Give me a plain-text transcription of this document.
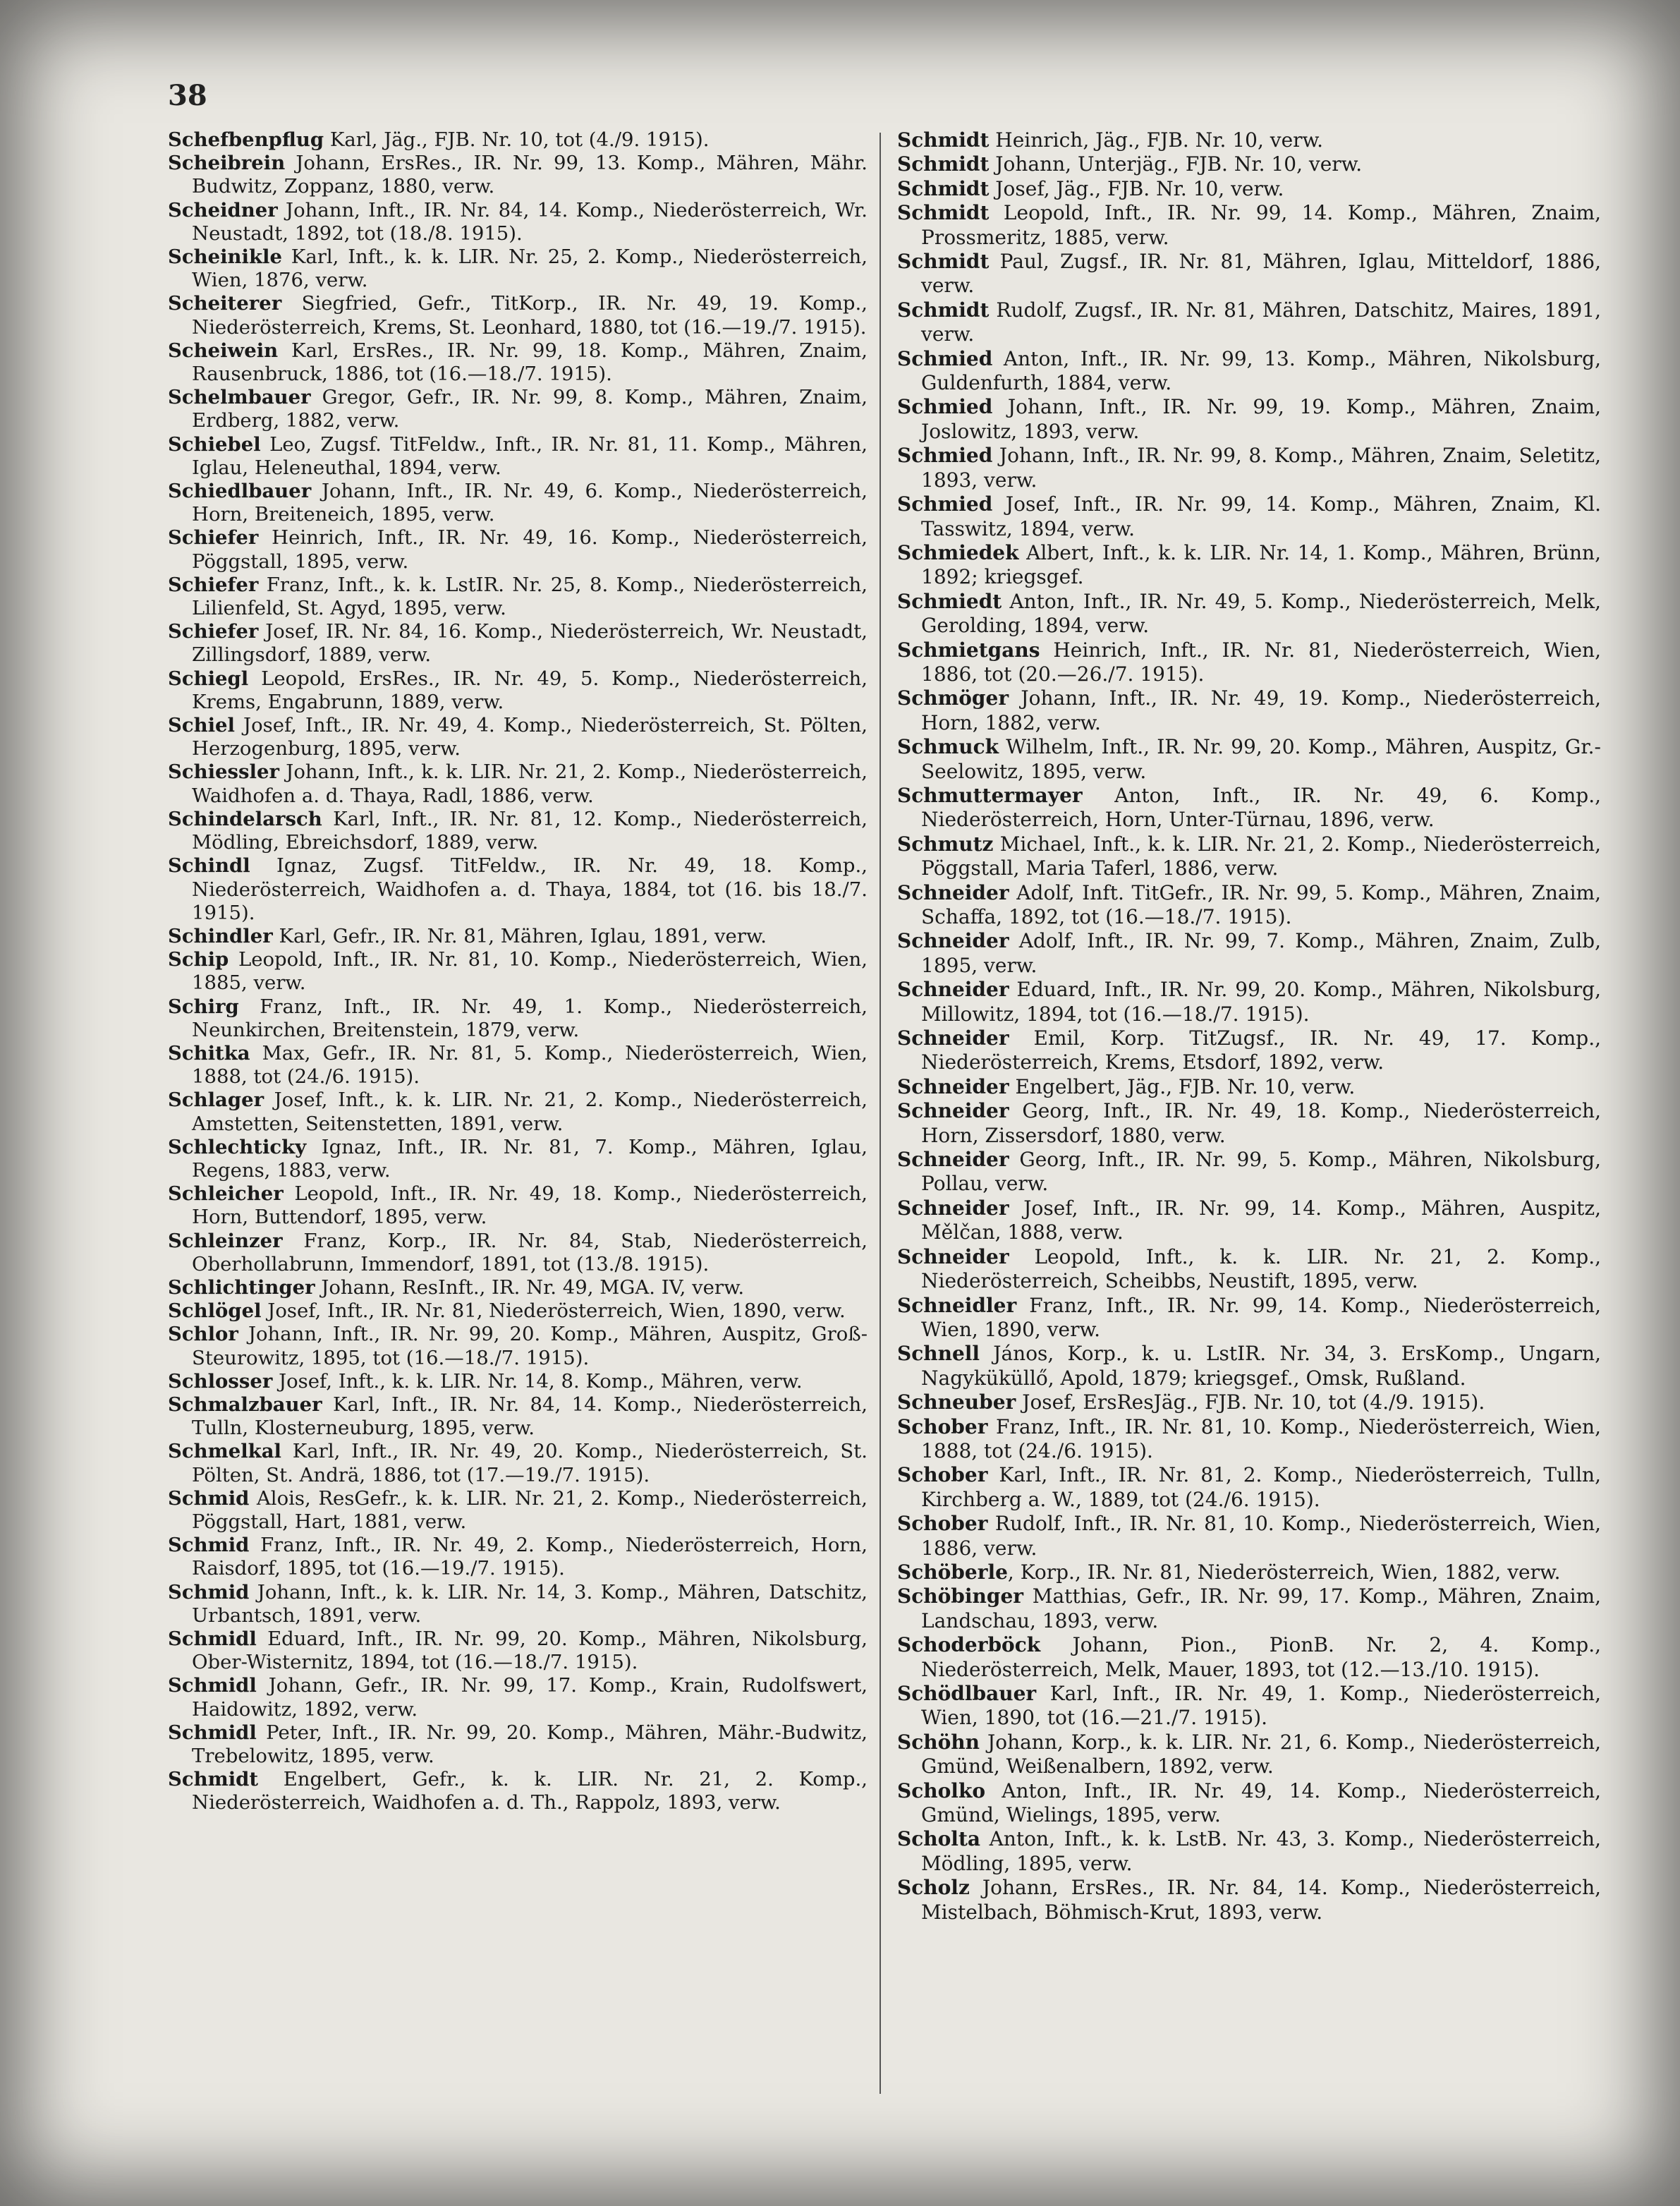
38

Schefbenpflug Karl, Jäg., FJB. Nr. 10, tot (4./9. 1915).

Scheibrein Johann, ErsRes., IR. Nr. 99, 13. Komp., Mähren, Mähr. Budwitz, Zoppanz, 1880, verw.

Scheidner Johann, Inft., IR. Nr. 84, 14. Komp., Niederösterreich, Wr. Neustadt, 1892, tot (18./8. 1915).

Scheinikle Karl, Inft., k. k. LIR. Nr. 25, 2. Komp., Niederösterreich, Wien, 1876, verw.

Scheiterer Siegfried, Gefr., TitKorp., IR. Nr. 49, 19. Komp., Niederösterreich, Krems, St. Leonhard, 1880, tot (16.—19./7. 1915).

Scheiwein Karl, ErsRes., IR. Nr. 99, 18. Komp., Mähren, Znaim, Rausenbruck, 1886, tot (16.—18./7. 1915).

Schelmbauer Gregor, Gefr., IR. Nr. 99, 8. Komp., Mähren, Znaim, Erdberg, 1882, verw.

Schiebel Leo, Zugsf. TitFeldw., Inft., IR. Nr. 81, 11. Komp., Mähren, Iglau, Heleneuthal, 1894, verw.

Schiedlbauer Johann, Inft., IR. Nr. 49, 6. Komp., Niederösterreich, Horn, Breiteneich, 1895, verw.

Schiefer Heinrich, Inft., IR. Nr. 49, 16. Komp., Niederösterreich, Pöggstall, 1895, verw.

Schiefer Franz, Inft., k. k. LstIR. Nr. 25, 8. Komp., Niederösterreich, Lilienfeld, St. Agyd, 1895, verw.

Schiefer Josef, IR. Nr. 84, 16. Komp., Niederösterreich, Wr. Neustadt, Zillingsdorf, 1889, verw.

Schiegl Leopold, ErsRes., IR. Nr. 49, 5. Komp., Niederösterreich, Krems, Engabrunn, 1889, verw.

Schiel Josef, Inft., IR. Nr. 49, 4. Komp., Niederösterreich, St. Pölten, Herzogenburg, 1895, verw.

Schiessler Johann, Inft., k. k. LIR. Nr. 21, 2. Komp., Niederösterreich, Waidhofen a. d. Thaya, Radl, 1886, verw.

Schindelarsch Karl, Inft., IR. Nr. 81, 12. Komp., Niederösterreich, Mödling, Ebreichsdorf, 1889, verw.

Schindl Ignaz, Zugsf. TitFeldw., IR. Nr. 49, 18. Komp., Niederösterreich, Waidhofen a. d. Thaya, 1884, tot (16. bis 18./7. 1915).

Schindler Karl, Gefr., IR. Nr. 81, Mähren, Iglau, 1891, verw.

Schip Leopold, Inft., IR. Nr. 81, 10. Komp., Niederösterreich, Wien, 1885, verw.

Schirg Franz, Inft., IR. Nr. 49, 1. Komp., Niederösterreich, Neunkirchen, Breitenstein, 1879, verw.

Schitka Max, Gefr., IR. Nr. 81, 5. Komp., Niederösterreich, Wien, 1888, tot (24./6. 1915).

Schlager Josef, Inft., k. k. LIR. Nr. 21, 2. Komp., Niederösterreich, Amstetten, Seitenstetten, 1891, verw.

Schlechticky Ignaz, Inft., IR. Nr. 81, 7. Komp., Mähren, Iglau, Regens, 1883, verw.

Schleicher Leopold, Inft., IR. Nr. 49, 18. Komp., Niederösterreich, Horn, Buttendorf, 1895, verw.

Schleinzer Franz, Korp., IR. Nr. 84, Stab, Niederösterreich, Oberhollabrunn, Immendorf, 1891, tot (13./8. 1915).

Schlichtinger Johann, ResInft., IR. Nr. 49, MGA. IV, verw.

Schlögel Josef, Inft., IR. Nr. 81, Niederösterreich, Wien, 1890, verw.

Schlor Johann, Inft., IR. Nr. 99, 20. Komp., Mähren, Auspitz, Groß-Steurowitz, 1895, tot (16.—18./7. 1915).

Schlosser Josef, Inft., k. k. LIR. Nr. 14, 8. Komp., Mähren, verw.

Schmalzbauer Karl, Inft., IR. Nr. 84, 14. Komp., Niederösterreich, Tulln, Klosterneuburg, 1895, verw.

Schmelkal Karl, Inft., IR. Nr. 49, 20. Komp., Niederösterreich, St. Pölten, St. Andrä, 1886, tot (17.—19./7. 1915).

Schmid Alois, ResGefr., k. k. LIR. Nr. 21, 2. Komp., Niederösterreich, Pöggstall, Hart, 1881, verw.

Schmid Franz, Inft., IR. Nr. 49, 2. Komp., Niederösterreich, Horn, Raisdorf, 1895, tot (16.—19./7. 1915).

Schmid Johann, Inft., k. k. LIR. Nr. 14, 3. Komp., Mähren, Datschitz, Urbantsch, 1891, verw.

Schmidl Eduard, Inft., IR. Nr. 99, 20. Komp., Mähren, Nikolsburg, Ober-Wisternitz, 1894, tot (16.—18./7. 1915).

Schmidl Johann, Gefr., IR. Nr. 99, 17. Komp., Krain, Rudolfswert, Haidowitz, 1892, verw.

Schmidl Peter, Inft., IR. Nr. 99, 20. Komp., Mähren, Mähr.-Budwitz, Trebelowitz, 1895, verw.

Schmidt Engelbert, Gefr., k. k. LIR. Nr. 21, 2. Komp., Niederösterreich, Waidhofen a. d. Th., Rappolz, 1893, verw.

Schmidt Heinrich, Jäg., FJB. Nr. 10, verw.

Schmidt Johann, Unterjäg., FJB. Nr. 10, verw.

Schmidt Josef, Jäg., FJB. Nr. 10, verw.

Schmidt Leopold, Inft., IR. Nr. 99, 14. Komp., Mähren, Znaim, Prossmeritz, 1885, verw.

Schmidt Paul, Zugsf., IR. Nr. 81, Mähren, Iglau, Mitteldorf, 1886, verw.

Schmidt Rudolf, Zugsf., IR. Nr. 81, Mähren, Datschitz, Maires, 1891, verw.

Schmied Anton, Inft., IR. Nr. 99, 13. Komp., Mähren, Nikolsburg, Guldenfurth, 1884, verw.

Schmied Johann, Inft., IR. Nr. 99, 19. Komp., Mähren, Znaim, Joslowitz, 1893, verw.

Schmied Johann, Inft., IR. Nr. 99, 8. Komp., Mähren, Znaim, Seletitz, 1893, verw.

Schmied Josef, Inft., IR. Nr. 99, 14. Komp., Mähren, Znaim, Kl. Tasswitz, 1894, verw.

Schmiedek Albert, Inft., k. k. LIR. Nr. 14, 1. Komp., Mähren, Brünn, 1892; kriegsgef.

Schmiedt Anton, Inft., IR. Nr. 49, 5. Komp., Niederösterreich, Melk, Gerolding, 1894, verw.

Schmietgans Heinrich, Inft., IR. Nr. 81, Niederösterreich, Wien, 1886, tot (20.—26./7. 1915).

Schmöger Johann, Inft., IR. Nr. 49, 19. Komp., Niederösterreich, Horn, 1882, verw.

Schmuck Wilhelm, Inft., IR. Nr. 99, 20. Komp., Mähren, Auspitz, Gr.-Seelowitz, 1895, verw.

Schmuttermayer Anton, Inft., IR. Nr. 49, 6. Komp., Niederösterreich, Horn, Unter-Türnau, 1896, verw.

Schmutz Michael, Inft., k. k. LIR. Nr. 21, 2. Komp., Niederösterreich, Pöggstall, Maria Taferl, 1886, verw.

Schneider Adolf, Inft. TitGefr., IR. Nr. 99, 5. Komp., Mähren, Znaim, Schaffa, 1892, tot (16.—18./7. 1915).

Schneider Adolf, Inft., IR. Nr. 99, 7. Komp., Mähren, Znaim, Zulb, 1895, verw.

Schneider Eduard, Inft., IR. Nr. 99, 20. Komp., Mähren, Nikolsburg, Millowitz, 1894, tot (16.—18./7. 1915).

Schneider Emil, Korp. TitZugsf., IR. Nr. 49, 17. Komp., Niederösterreich, Krems, Etsdorf, 1892, verw.

Schneider Engelbert, Jäg., FJB. Nr. 10, verw.

Schneider Georg, Inft., IR. Nr. 49, 18. Komp., Niederösterreich, Horn, Zissersdorf, 1880, verw.

Schneider Georg, Inft., IR. Nr. 99, 5. Komp., Mähren, Nikolsburg, Pollau, verw.

Schneider Josef, Inft., IR. Nr. 99, 14. Komp., Mähren, Auspitz, Mělčan, 1888, verw.

Schneider Leopold, Inft., k. k. LIR. Nr. 21, 2. Komp., Niederösterreich, Scheibbs, Neustift, 1895, verw.

Schneidler Franz, Inft., IR. Nr. 99, 14. Komp., Niederösterreich, Wien, 1890, verw.

Schnell János, Korp., k. u. LstIR. Nr. 34, 3. ErsKomp., Ungarn, Nagyküküllő, Apold, 1879; kriegsgef., Omsk, Rußland.

Schneuber Josef, ErsResJäg., FJB. Nr. 10, tot (4./9. 1915).

Schober Franz, Inft., IR. Nr. 81, 10. Komp., Niederösterreich, Wien, 1888, tot (24./6. 1915).

Schober Karl, Inft., IR. Nr. 81, 2. Komp., Niederösterreich, Tulln, Kirchberg a. W., 1889, tot (24./6. 1915).

Schober Rudolf, Inft., IR. Nr. 81, 10. Komp., Niederösterreich, Wien, 1886, verw.

Schöberle, Korp., IR. Nr. 81, Niederösterreich, Wien, 1882, verw.

Schöbinger Matthias, Gefr., IR. Nr. 99, 17. Komp., Mähren, Znaim, Landschau, 1893, verw.

Schoderböck Johann, Pion., PionB. Nr. 2, 4. Komp., Niederösterreich, Melk, Mauer, 1893, tot (12.—13./10. 1915).

Schödlbauer Karl, Inft., IR. Nr. 49, 1. Komp., Niederösterreich, Wien, 1890, tot (16.—21./7. 1915).

Schöhn Johann, Korp., k. k. LIR. Nr. 21, 6. Komp., Niederösterreich, Gmünd, Weißenalbern, 1892, verw.

Scholko Anton, Inft., IR. Nr. 49, 14. Komp., Niederösterreich, Gmünd, Wielings, 1895, verw.

Scholta Anton, Inft., k. k. LstB. Nr. 43, 3. Komp., Niederösterreich, Mödling, 1895, verw.

Scholz Johann, ErsRes., IR. Nr. 84, 14. Komp., Niederösterreich, Mistelbach, Böhmisch-Krut, 1893, verw.
